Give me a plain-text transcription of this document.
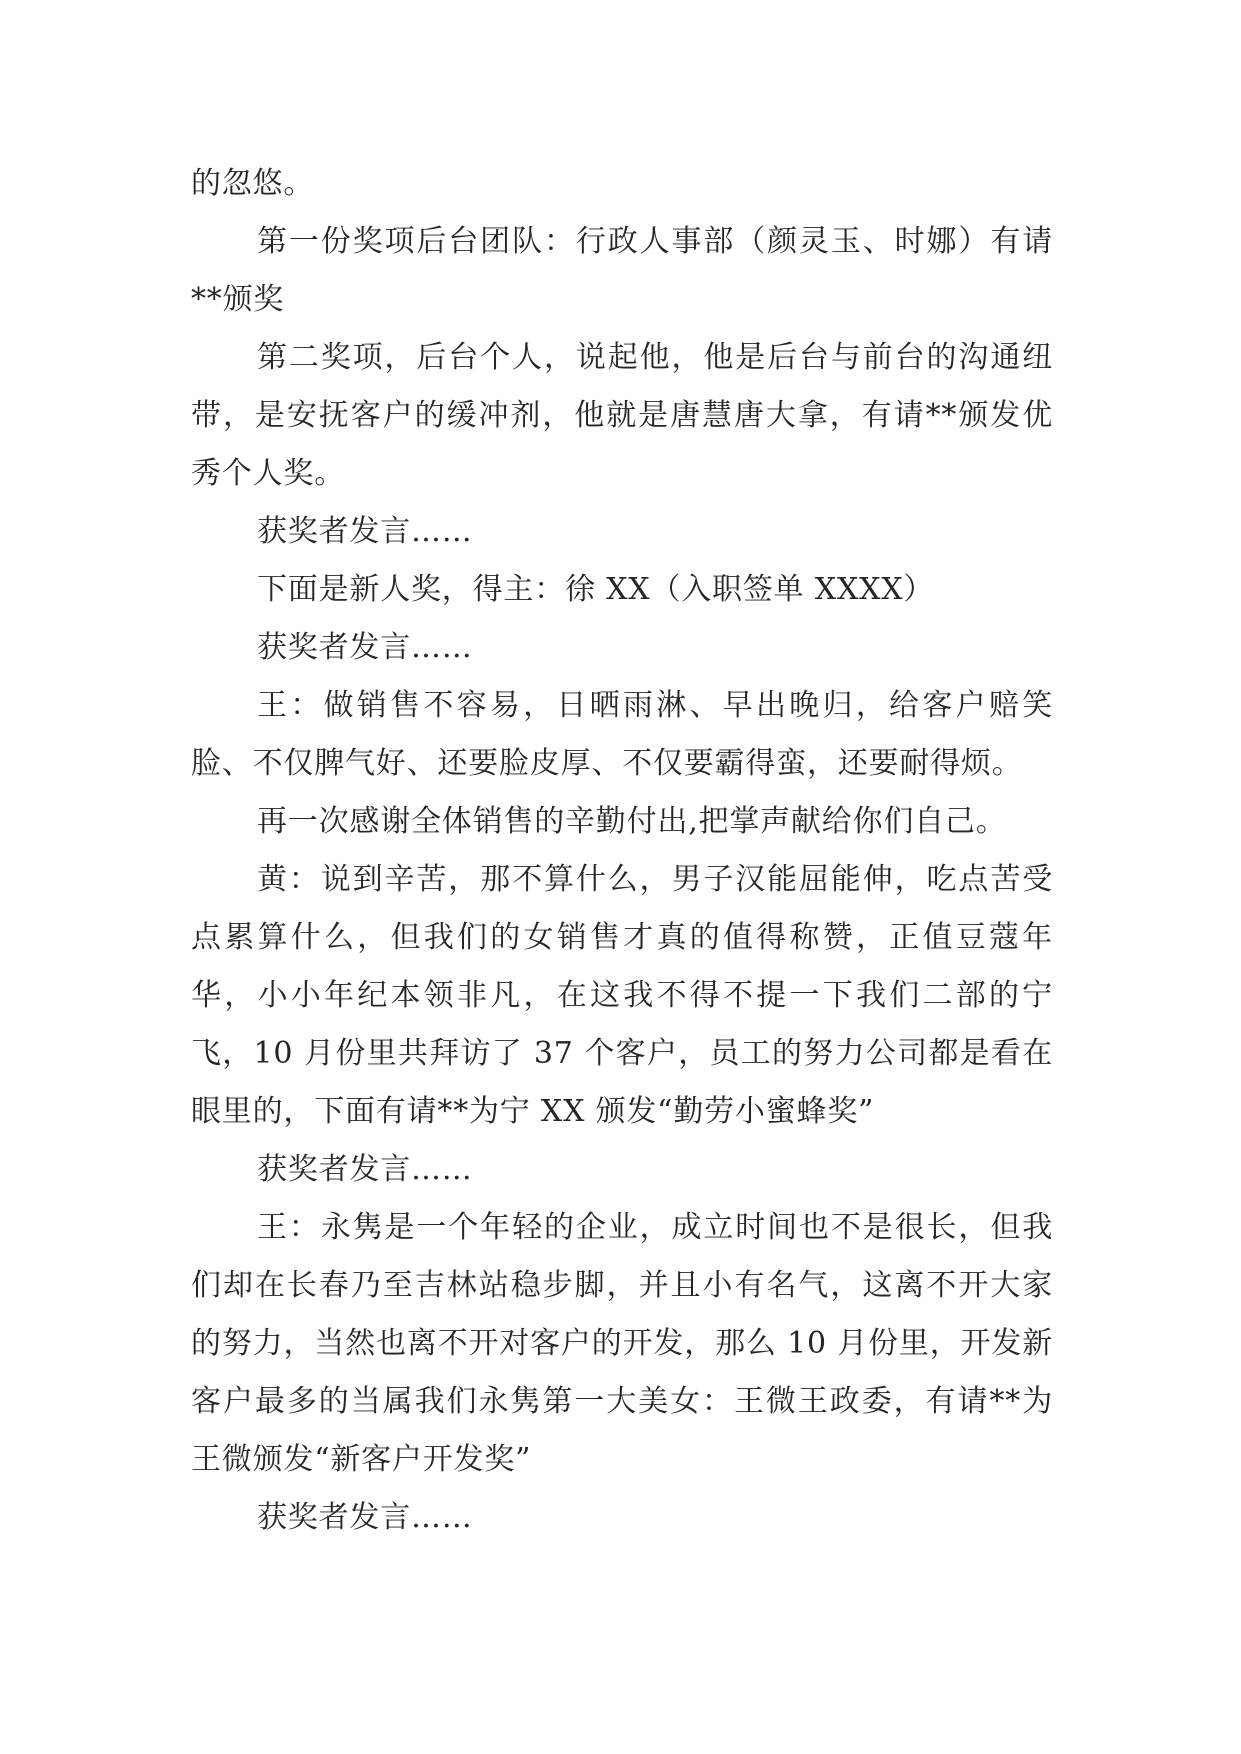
的忽悠。

第一份奖项后台团队：行政人事部（颜灵玉、时娜）有请**颁奖

第二奖项，后台个人，说起他，他是后台与前台的沟通纽带，是安抚客户的缓冲剂，他就是唐慧唐大拿，有请**颁发优秀个人奖。

获奖者发言……

下面是新人奖，得主：徐 XX（入职签单 XXXX）

获奖者发言……

王：做销售不容易，日晒雨淋、早出晚归，给客户赔笑脸、不仅脾气好、还要脸皮厚、不仅要霸得蛮，还要耐得烦。

再一次感谢全体销售的辛勤付出,把掌声献给你们自己。

黄：说到辛苦，那不算什么，男子汉能屈能伸，吃点苦受点累算什么，但我们的女销售才真的值得称赞，正值豆蔻年华，小小年纪本领非凡，在这我不得不提一下我们二部的宁飞，10 月份里共拜访了 37 个客户，员工的努力公司都是看在眼里的，下面有请**为宁 XX 颁发“勤劳小蜜蜂奖”

获奖者发言……

王：永隽是一个年轻的企业，成立时间也不是很长，但我们却在长春乃至吉林站稳步脚，并且小有名气，这离不开大家的努力，当然也离不开对客户的开发，那么 10 月份里，开发新客户最多的当属我们永隽第一大美女：王微王政委，有请**为王微颁发“新客户开发奖”

获奖者发言……
